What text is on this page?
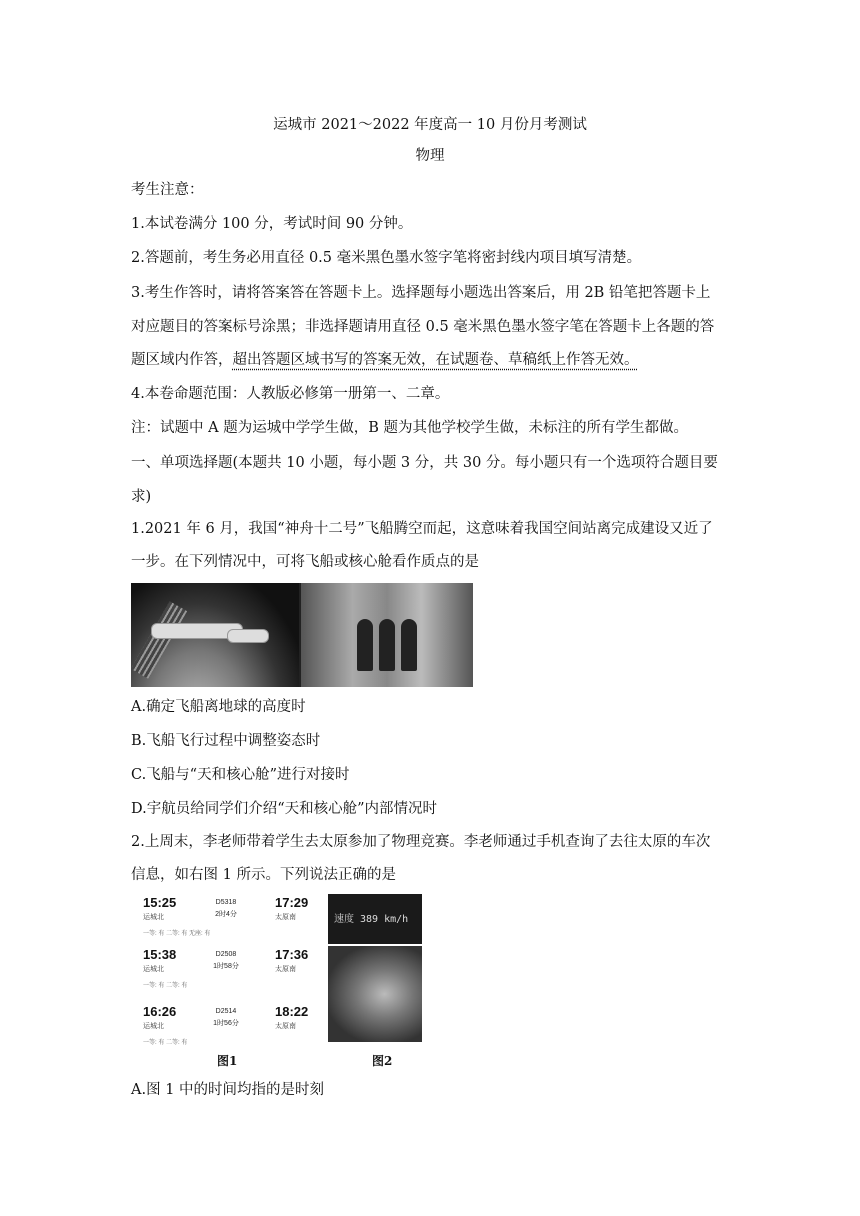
运城市 2021～2022 年度高一 10 月份月考测试
物理
考生注意：
1.本试卷满分 100 分，考试时间 90 分钟。
2.答题前，考生务必用直径 0.5 毫米黑色墨水签字笔将密封线内项目填写清楚。
3.考生作答时，请将答案答在答题卡上。选择题每小题选出答案后，用 2B 铅笔把答题卡上
对应题目的答案标号涂黑；非选择题请用直径 0.5 毫米黑色墨水签字笔在答题卡上各题的答
题区域内作答，超出答题区域书写的答案无效，在试题卷、草稿纸上作答无效。
4.本卷命题范围：人教版必修第一册第一、二章。
注：试题中 A 题为运城中学学生做，B 题为其他学校学生做，未标注的所有学生都做。
一、单项选择题(本题共 10 小题，每小题 3 分，共 30 分。每小题只有一个选项符合题目要
求)
1.2021 年 6 月，我国“神舟十二号”飞船腾空而起，这意味着我国空间站离完成建设又近了
一步。在下列情况中，可将飞船或核心舱看作质点的是
A.确定飞船离地球的高度时
B.飞船飞行过程中调整姿态时
C.飞船与“天和核心舱”进行对接时
D.宇航员给同学们介绍“天和核心舱”内部情况时
2.上周末，李老师带着学生去太原参加了物理竞赛。李老师通过手机查询了去往太原的车次
信息，如右图 1 所示。下列说法正确的是
15:25
运城北
D5318
2时4分
17:29
太原南
一等: 有 二等: 有 无座: 有
15:38
运城北
D2508
1时58分
17:36
太原南
一等: 有 二等: 有
16:26
运城北
D2514
1时56分
18:22
太原南
一等: 有 二等: 有
速度 389 km/h
图1	图2
A.图 1 中的时间均指的是时刻
